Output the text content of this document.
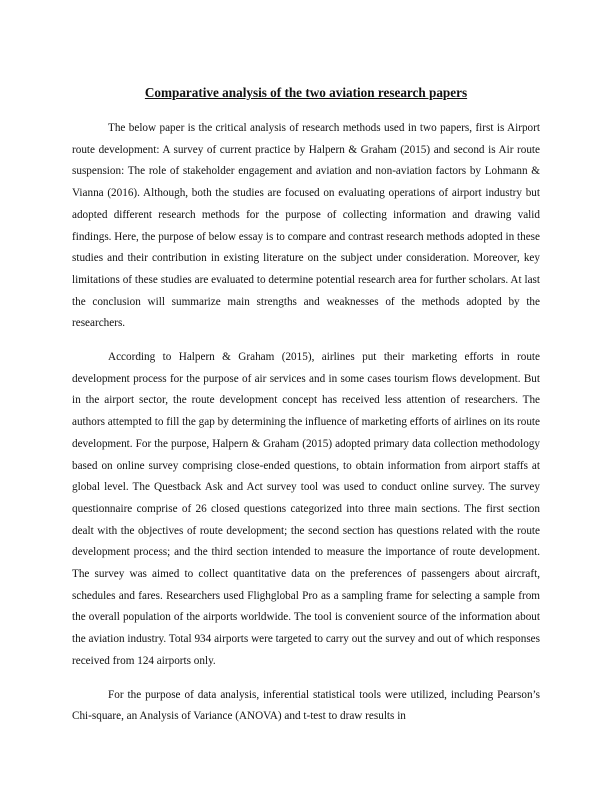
Comparative analysis of the two aviation research papers

The below paper is the critical analysis of research methods used in two papers, first is Airport route development: A survey of current practice by Halpern & Graham (2015) and second is Air route suspension: The role of stakeholder engagement and aviation and non-aviation factors by Lohmann & Vianna (2016). Although, both the studies are focused on evaluating operations of airport industry but adopted different research methods for the purpose of collecting information and drawing valid findings. Here, the purpose of below essay is to compare and contrast research methods adopted in these studies and their contribution in existing literature on the subject under consideration. Moreover, key limitations of these studies are evaluated to determine potential research area for further scholars. At last the conclusion will summarize main strengths and weaknesses of the methods adopted by the researchers.

According to Halpern & Graham (2015), airlines put their marketing efforts in route development process for the purpose of air services and in some cases tourism flows development. But in the airport sector, the route development concept has received less attention of researchers. The authors attempted to fill the gap by determining the influence of marketing efforts of airlines on its route development. For the purpose, Halpern & Graham (2015) adopted primary data collection methodology based on online survey comprising close-ended questions, to obtain information from airport staffs at global level. The Questback Ask and Act survey tool was used to conduct online survey. The survey questionnaire comprise of 26 closed questions categorized into three main sections. The first section dealt with the objectives of route development; the second section has questions related with the route development process; and the third section intended to measure the importance of route development. The survey was aimed to collect quantitative data on the preferences of passengers about aircraft, schedules and fares. Researchers used Flighglobal Pro as a sampling frame for selecting a sample from the overall population of the airports worldwide. The tool is convenient source of the information about the aviation industry. Total 934 airports were targeted to carry out the survey and out of which responses received from 124 airports only.

For the purpose of data analysis, inferential statistical tools were utilized, including Pearson’s Chi-square, an Analysis of Variance (ANOVA) and t-test to draw results in
